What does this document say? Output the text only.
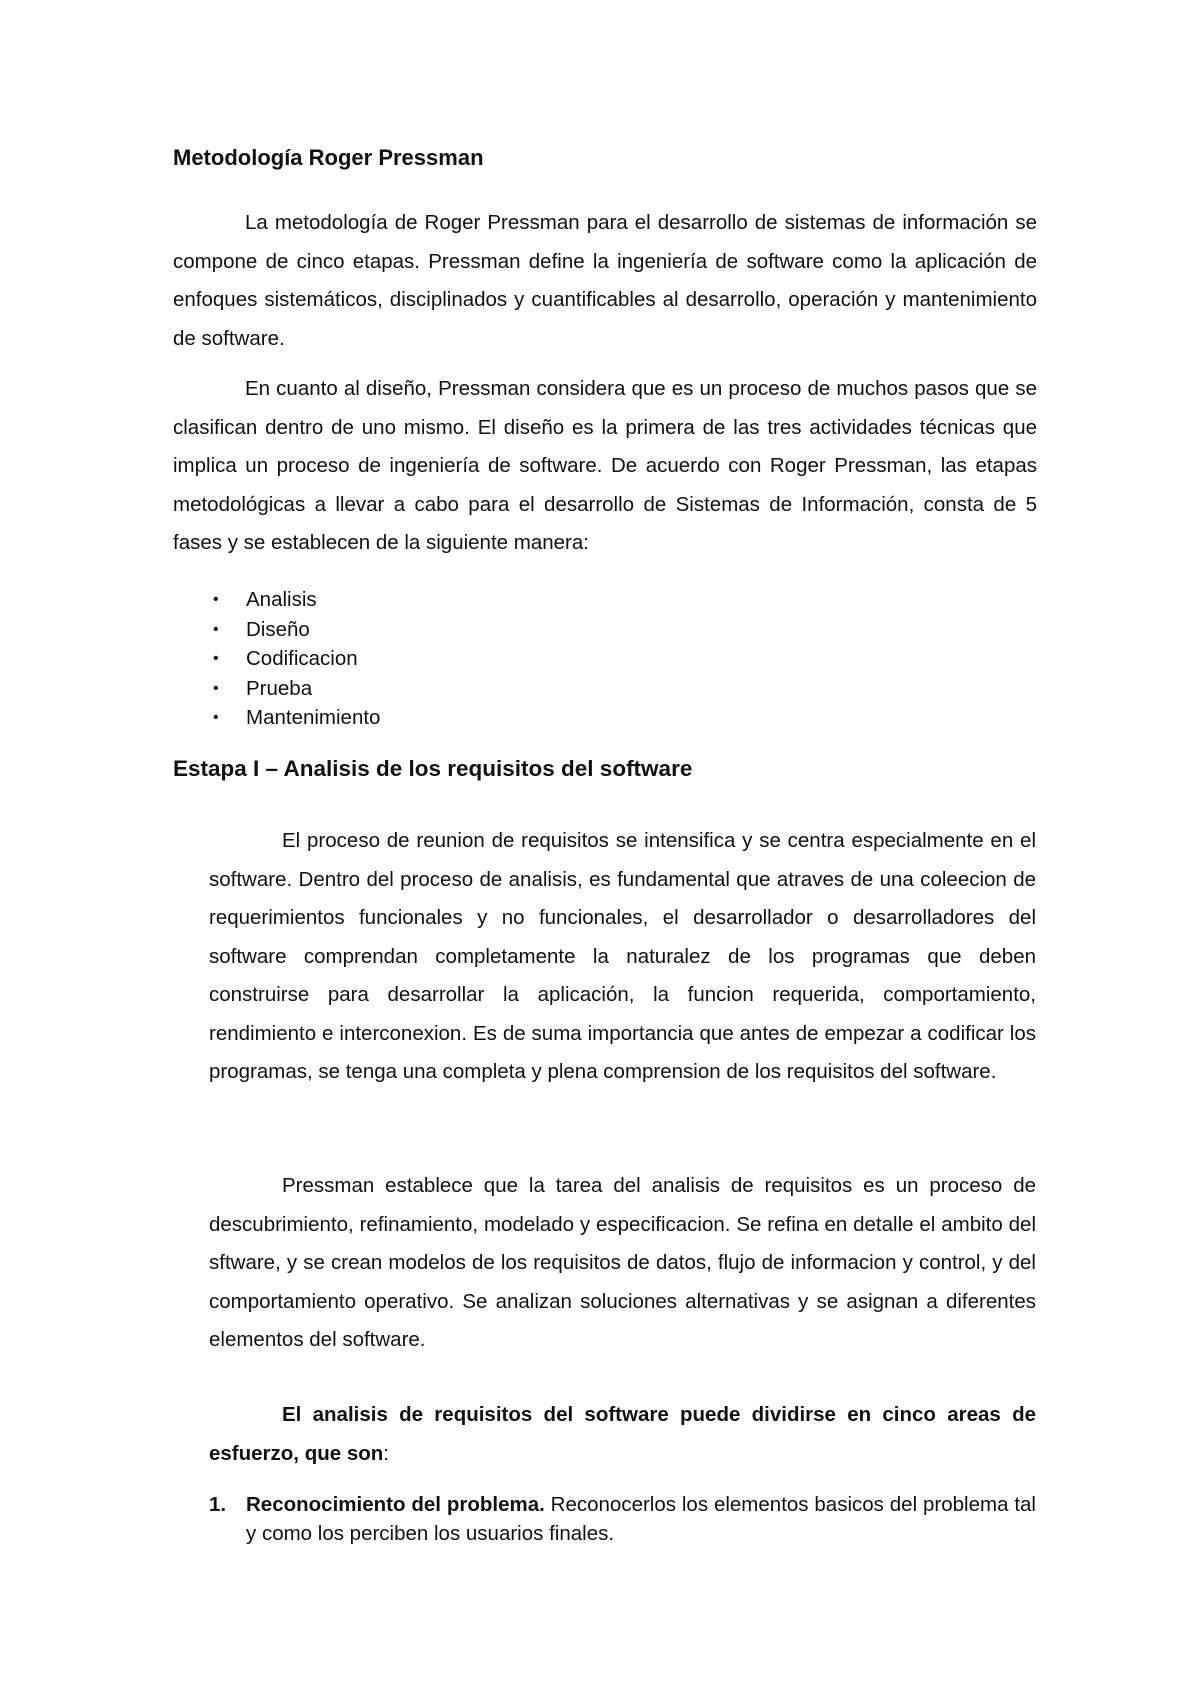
Metodología Roger Pressman

La metodología de Roger Pressman para el desarrollo de sistemas de información se compone de cinco etapas. Pressman define la ingeniería de software como la aplicación de enfoques sistemáticos, disciplinados y cuantificables al desarrollo, operación y mantenimiento de software.

En cuanto al diseño, Pressman considera que es un proceso de muchos pasos que se clasifican dentro de uno mismo. El diseño es la primera de las tres actividades técnicas que implica un proceso de ingeniería de software. De acuerdo con Roger Pressman, las etapas metodológicas a llevar a cabo para el desarrollo de Sistemas de Información, consta de 5 fases y se establecen de la siguiente manera:

• Analisis
• Diseño
• Codificacion
• Prueba
• Mantenimiento
Estapa I – Analisis de los requisitos del software

El proceso de reunion de requisitos se intensifica y se centra especialmente en el software. Dentro del proceso de analisis, es fundamental que atraves de una coleecion de requerimientos funcionales y no funcionales, el desarrollador o desarrolladores del software comprendan completamente la naturalez de los programas que deben construirse para desarrollar la aplicación, la funcion requerida, comportamiento, rendimiento e interconexion. Es de suma importancia que antes de empezar a codificar los programas, se tenga una completa y plena comprension de los requisitos del software.

Pressman establece que la tarea del analisis de requisitos es un proceso de descubrimiento, refinamiento, modelado y especificacion. Se refina en detalle el ambito del sftware, y se crean modelos de los requisitos de datos, flujo de informacion y control, y del comportamiento operativo. Se analizan soluciones alternativas y se asignan a diferentes elementos del software.

El analisis de requisitos del software puede dividirse en cinco areas de esfuerzo, que son:

1. Reconocimiento del problema. Reconocerlos los elementos basicos del problema tal y como los perciben los usuarios finales.
